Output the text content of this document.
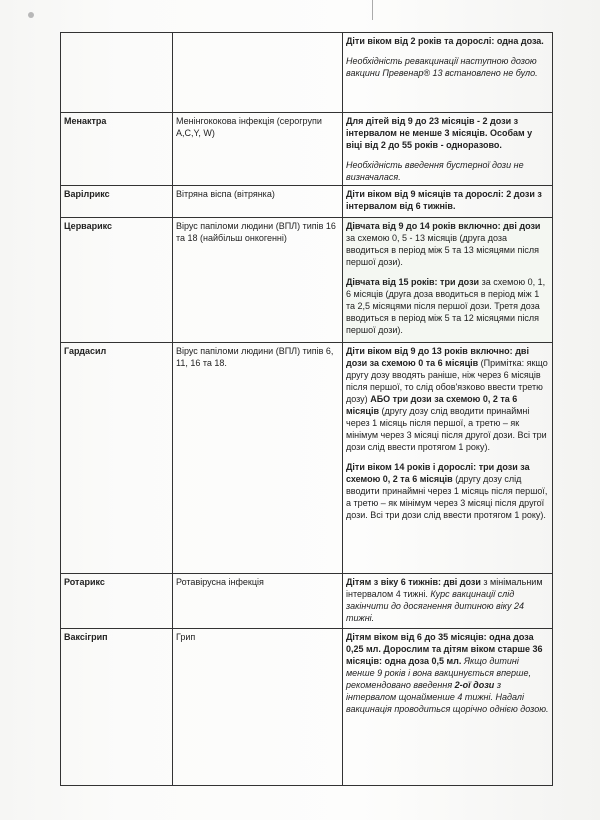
		Діти віком від 2 років та дорослі: одна доза.
Необхідність ревакцинації наступною дозою вакцини Превенар® 13 встановлено не було.
Менактра	Менінгококова інфекція (серогрупи A,C,Y, W)	Для дітей від 9 до 23 місяців - 2 дози з інтервалом не менше 3 місяців. Особам у віці від 2 до 55 років - одноразово.
Необхідність введення бустерної дози не визначалася.
Варілрикс	Вітряна віспа (вітрянка)	Діти віком від 9 місяців та дорослі: 2 дози з інтервалом від 6 тижнів.
Церварикс	Вірус папіломи людини (ВПЛ) типів 16 та 18 (найбільш онкогенні)	Дівчата від 9 до 14 років включно: дві дози за схемою 0, 5 - 13 місяців (друга доза вводиться в період між 5 та 13 місяцями після першої дози).
Дівчата від 15 років: три дози за схемою 0, 1, 6 місяців (друга доза вводиться в період між 1 та 2,5 місяцями після першої дози. Третя доза вводиться в період між 5 та 12 місяцями після першої дози).
Гардасил	Вірус папіломи людини (ВПЛ) типів 6, 11, 16 та 18.	Діти віком від 9 до 13 років включно: дві дози за схемою 0 та 6 місяців (Примітка: якщо другу дозу вводять раніше, ніж через 6 місяців після першої, то слід обов'язково ввести третю дозу) АБО три дози за схемою 0, 2 та 6 місяців (другу дозу слід вводити принаймні через 1 місяць після першої, а третю – як мінімум через 3 місяці після другої дози. Всі три дози слід ввести протягом 1 року).
Діти віком 14 років і дорослі: три дози за схемою 0, 2 та 6 місяців (другу дозу слід вводити принаймні через 1 місяць після першої, а третю – як мінімум через 3 місяці після другої дози. Всі три дози слід ввести протягом 1 року).
Ротарикс	Ротавірусна інфекція	Дітям з віку 6 тижнів: дві дози з мінімальним інтервалом 4 тижні. Курс вакцинації слід закінчити до досягнення дитиною віку 24 тижні.
Ваксігрип	Грип	Дітям віком від 6 до 35 місяців: одна доза 0,25 мл. Дорослим та дітям віком старше 36 місяців: одна доза 0,5 мл. Якщо дитині менше 9 років і вона вакцинується вперше, рекомендовано введення 2-ої дози з інтервалом щонайменше 4 тижні. Надалі вакцинація проводиться щорічно однією дозою.
